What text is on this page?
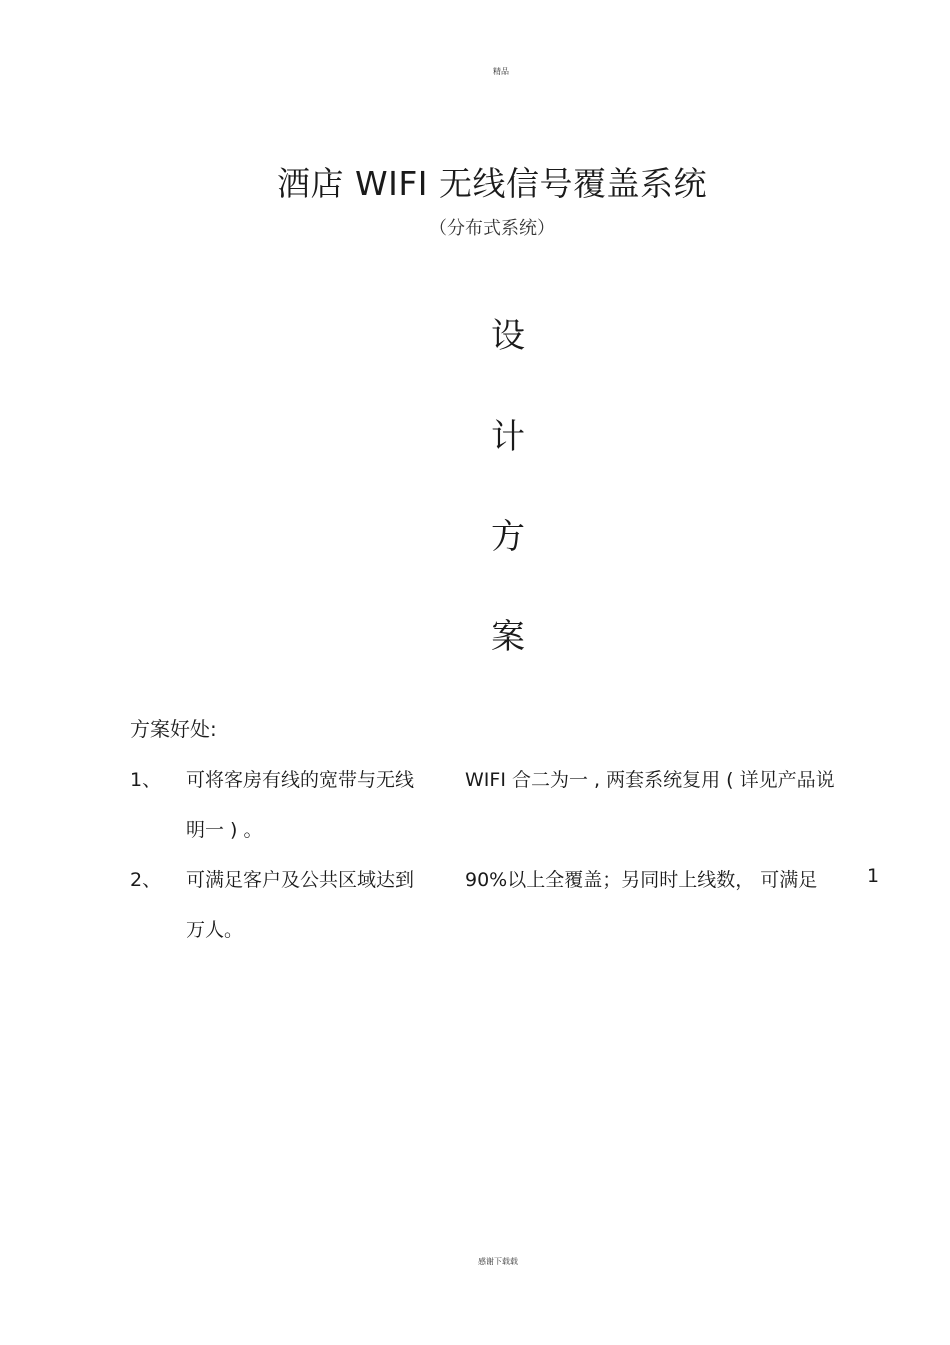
精品
酒店 WIFI 无线信号覆盖系统
（分布式系统）
设
计
方
案
方案好处:
1、 可将客房有线的宽带与无线	WIFI 合二为一 , 两套系统复用 ( 详见产品说
明一 ) 。
2、 可满足客户及公共区域达到	90%以上全覆盖；另同时上线数， 可满足	1
万人。
感谢下载载
